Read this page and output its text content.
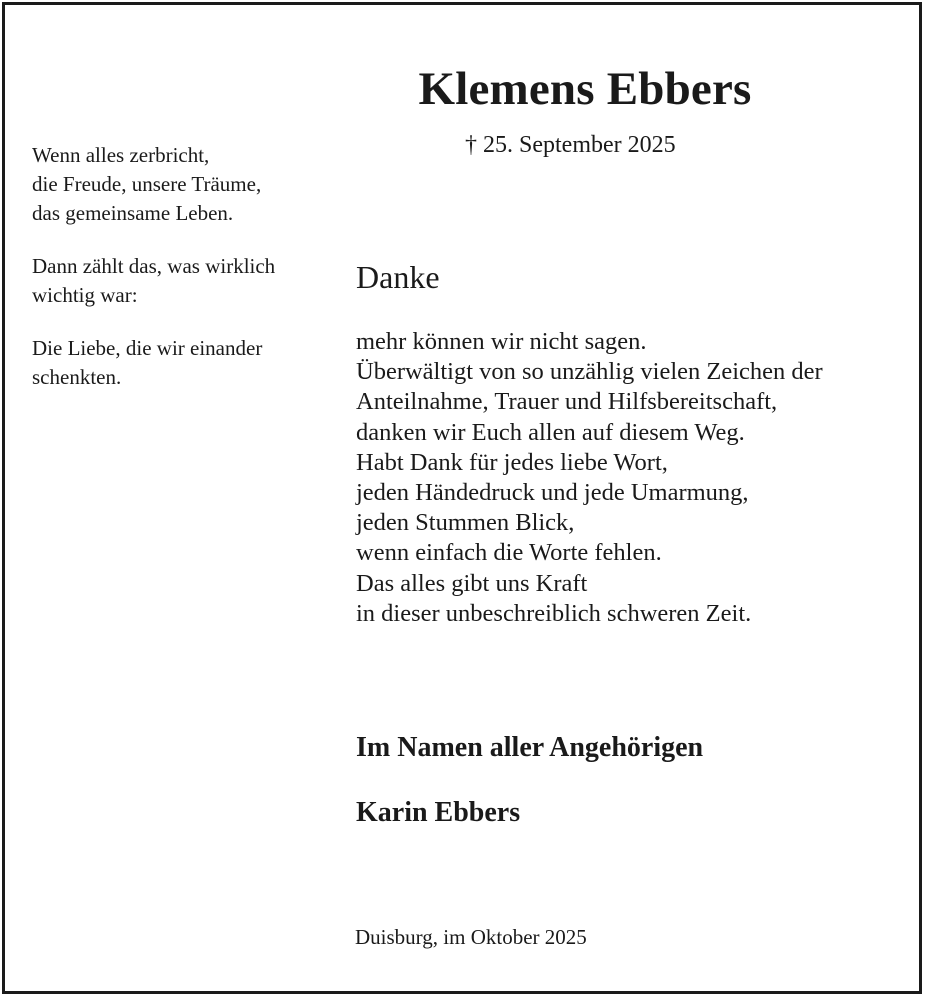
Klemens Ebbers
† 25. September 2025

Wenn alles zerbricht,
die Freude, unsere Träume,
das gemeinsame Leben.

Dann zählt das, was wirklich
wichtig war:

Die Liebe, die wir einander
schenkten.

Danke
mehr können wir nicht sagen.
Überwältigt von so unzählig vielen Zeichen der
Anteilnahme, Trauer und Hilfsbereitschaft,
danken wir Euch allen auf diesem Weg.
Habt Dank für jedes liebe Wort,
jeden Händedruck und jede Umarmung,
jeden Stummen Blick,
wenn einfach die Worte fehlen.
Das alles gibt uns Kraft
in dieser unbeschreiblich schweren Zeit.
Im Namen aller Angehörigen
Karin Ebbers
Duisburg, im Oktober 2025
